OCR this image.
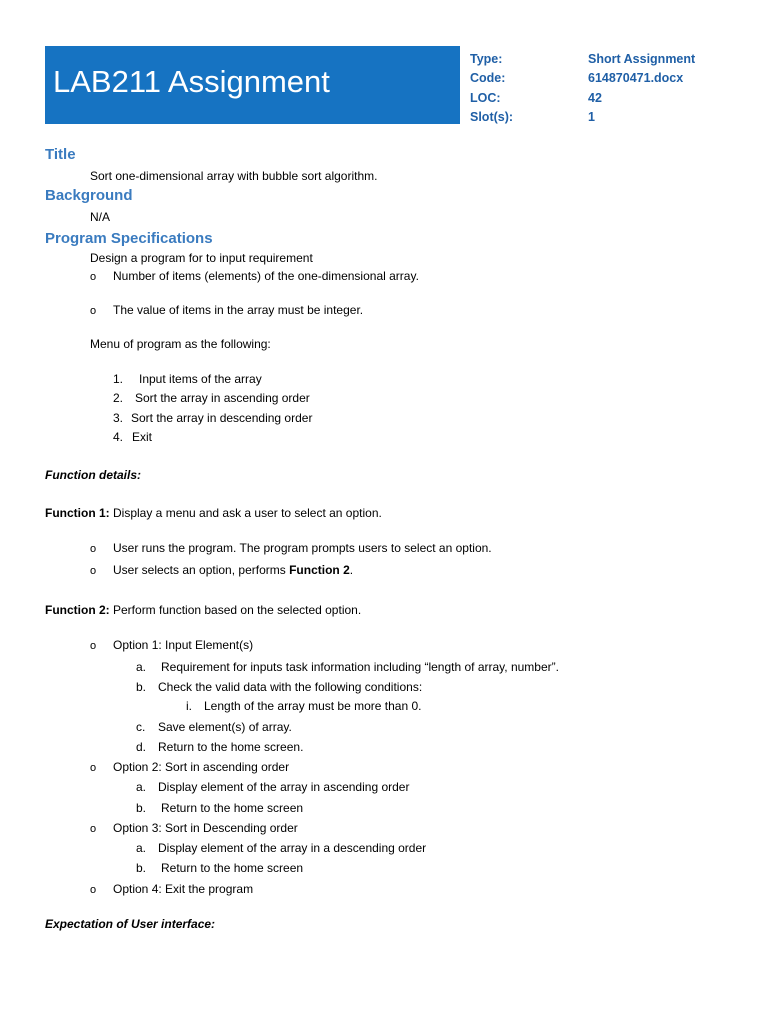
LAB211 Assignment
Type:	Short Assignment
Code:	614870471.docx
LOC:	42
Slot(s):	1
Title
Sort one-dimensional array with bubble sort algorithm.
Background
N/A
Program Specifications
Design a program for to input requirement
o Number of items (elements) of the one-dimensional array.
o The value of items in the array must be integer.
Menu of program as the following:
1. Input items of the array
2. Sort the array in ascending order
3. Sort the array in descending order
4. Exit
Function details:
Function 1: Display a menu and ask a user to select an option.
o User runs the program. The program prompts users to select an option.
o User selects an option, performs Function 2.
Function 2: Perform function based on the selected option.
o Option 1: Input Element(s)
a. Requirement for inputs task information including “length of array, number”.
b. Check the valid data with the following conditions:
i. Length of the array must be more than 0.
c. Save element(s) of array.
d. Return to the home screen.
o Option 2: Sort in ascending order
a. Display element of the array in ascending order
b. Return to the home screen
o Option 3: Sort in Descending order
a. Display element of the array in a descending order
b. Return to the home screen
o Option 4: Exit the program
Expectation of User interface:
